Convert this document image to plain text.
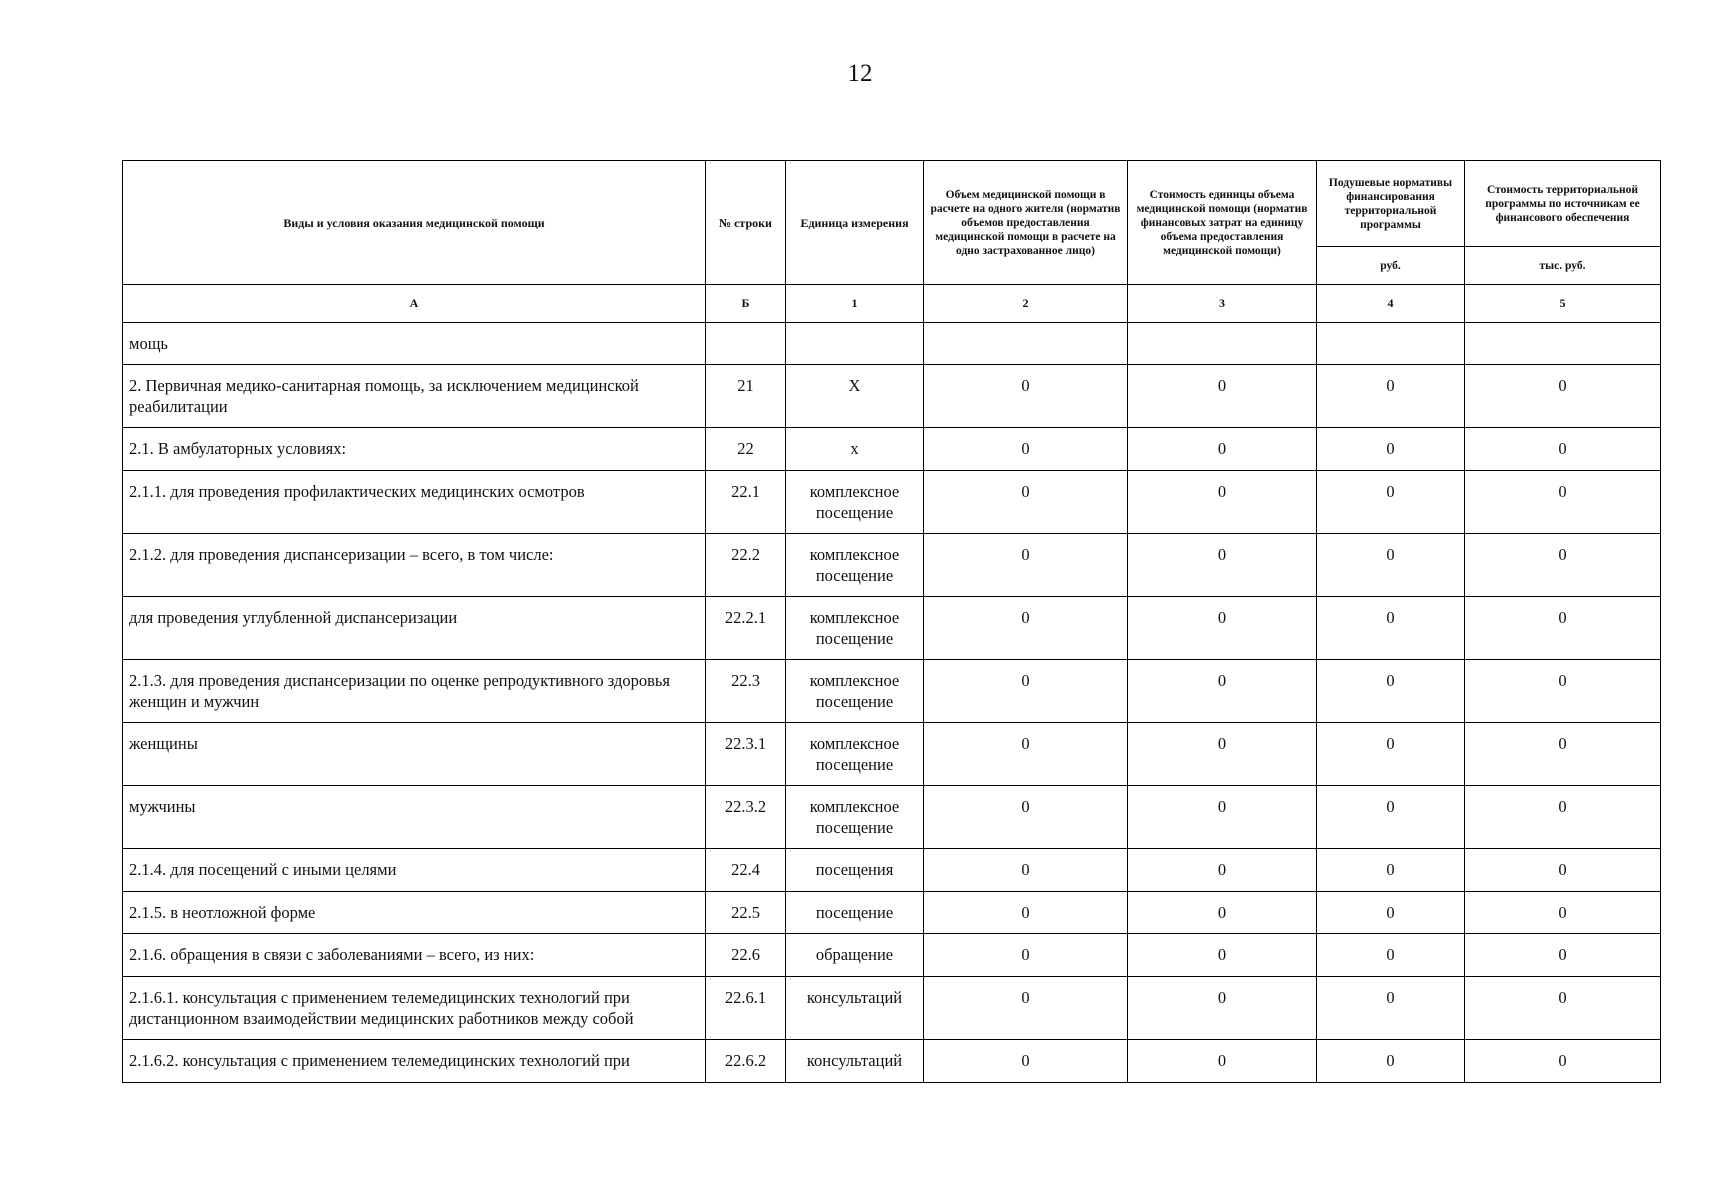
12
Виды и условия оказания медицинской помощи	№ строки	Единица измерения	Объем медицинской помощи в расчете на одного жителя (норматив объемов предоставления медицинской помощи в расчете на одно застрахованное лицо)	Стоимость единицы объема медицинской помощи (норматив финансовых затрат на единицу объема предоставления медицинской помощи)	Подушевые нормативы финансирования территориальной программы	Стоимость территориальной программы по источникам ее финансового обеспечения
					руб.	тыс. руб.
А	Б	1	2	3	4	5
мощь						
2. Первичная медико-санитарная помощь, за исключением медицинской реабилитации	21	X	0	0	0	0
2.1. В амбулаторных условиях:	22	x	0	0	0	0
2.1.1. для проведения профилактических медицинских осмотров	22.1	комплексное посещение	0	0	0	0
2.1.2. для проведения диспансеризации – всего, в том числе:	22.2	комплексное посещение	0	0	0	0
для проведения углубленной диспансеризации	22.2.1	комплексное посещение	0	0	0	0
2.1.3. для проведения диспансеризации по оценке репродуктивного здоровья женщин и мужчин	22.3	комплексное посещение	0	0	0	0
женщины	22.3.1	комплексное посещение	0	0	0	0
мужчины	22.3.2	комплексное посещение	0	0	0	0
2.1.4. для посещений с иными целями	22.4	посещения	0	0	0	0
2.1.5. в неотложной форме	22.5	посещение	0	0	0	0
2.1.6. обращения в связи с заболеваниями – всего, из них:	22.6	обращение	0	0	0	0
2.1.6.1. консультация с применением телемедицинских технологий при дистанционном взаимодействии медицинских работников между собой	22.6.1	консультаций	0	0	0	0
2.1.6.2. консультация с применением телемедицинских технологий при	22.6.2	консультаций	0	0	0	0
